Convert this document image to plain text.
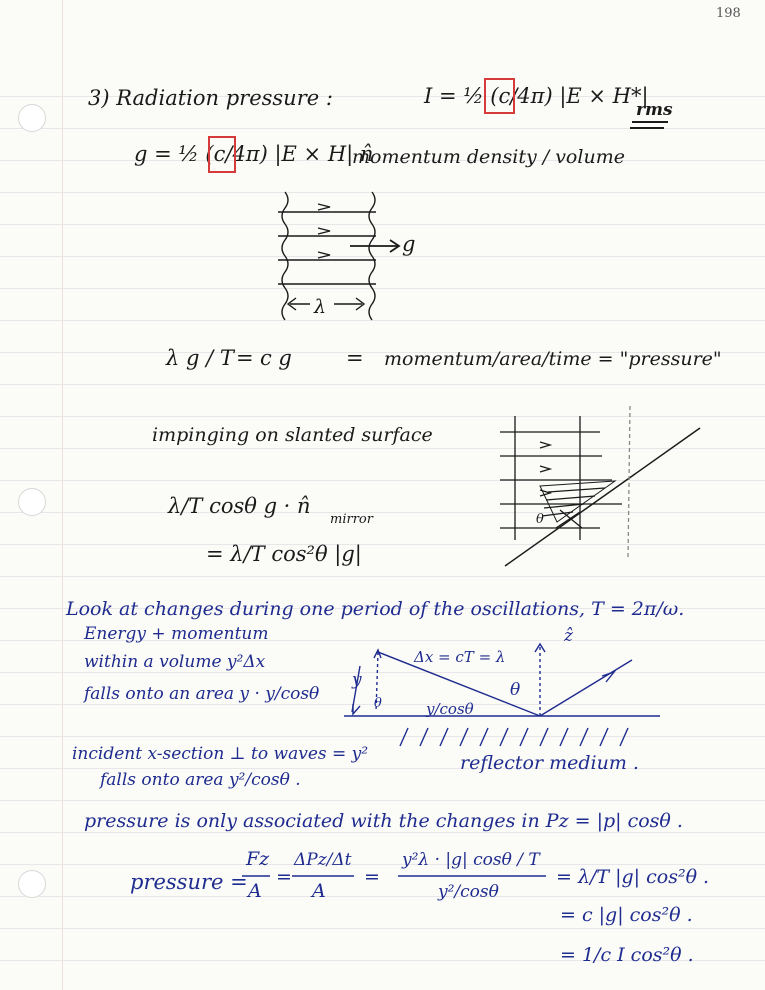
198
3) Radiation pressure :	I = ½ (c/4π) |E × H*|
rms
g = ½ (c/4π) |E × H| n̂
momentum density / volume
g
λ
λ g / T = c g	= momentum/area/time = "pressure"
impinging on slanted surface
λ/T cosθ g · n̂
mirror
= λ/T cos²θ |g|
θ
Look at changes during one period of the oscillations, T = 2π/ω.
Energy + momentum
within a volume y²Δx
falls onto an area y · y/cosθ
incident x-section ⊥ to waves = y²
falls onto area y²/cosθ .
reflector medium .
pressure is only associated with the changes in Pz = |p| cosθ .
ẑ
Δx = cT = λ
θ
y
θ	y/cosθ
pressure =
Fz
A
=
ΔPz/Δt
A
=
y²λ · |g| cosθ / T
y²/cosθ
= λ/T |g| cos²θ .
= c |g| cos²θ .
= 1/c I cos²θ .
